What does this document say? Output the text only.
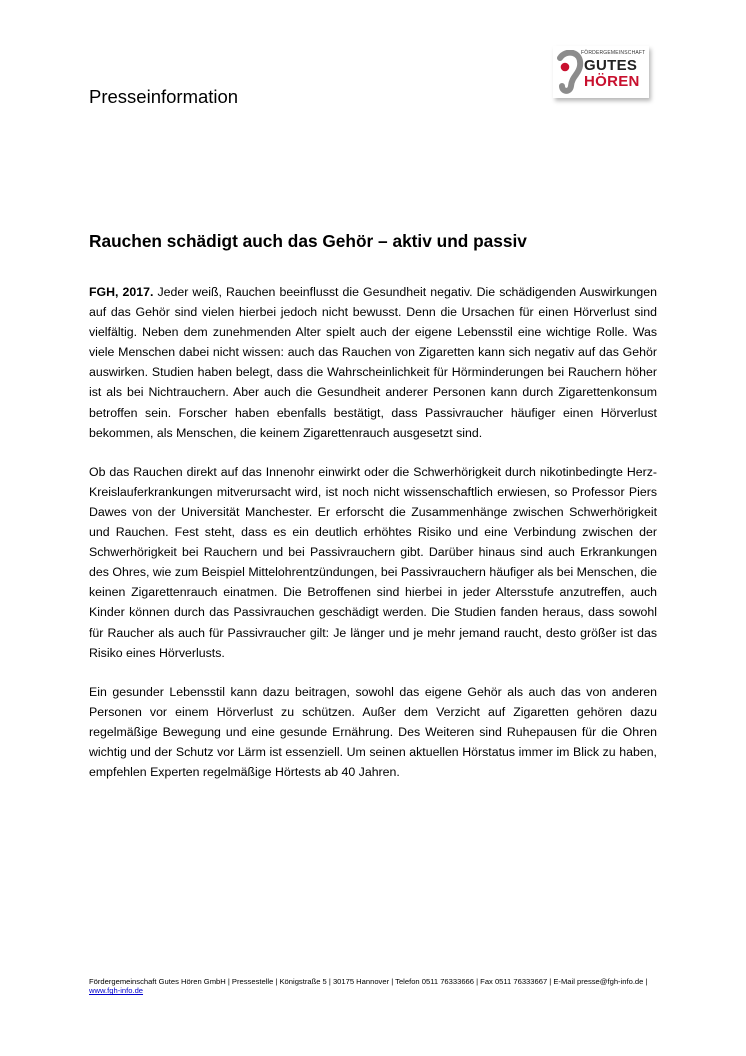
Presseinformation
FÖRDERGEMEINSCHAFT
GUTES
HÖREN
Rauchen schädigt auch das Gehör – aktiv und passiv

FGH, 2017. Jeder weiß, Rauchen beeinflusst die Gesundheit negativ. Die schädigenden Auswirkungen auf das Gehör sind vielen hierbei jedoch nicht bewusst. Denn die Ursachen für einen Hörverlust sind vielfältig. Neben dem zunehmenden Alter spielt auch der eigene Lebensstil eine wichtige Rolle. Was viele Menschen dabei nicht wissen: auch das Rauchen von Zigaretten kann sich negativ auf das Gehör auswirken. Studien haben belegt, dass die Wahrscheinlichkeit für Hörminderungen bei Rauchern höher ist als bei Nichtrauchern. Aber auch die Gesundheit anderer Personen kann durch Zigarettenkonsum betroffen sein. Forscher haben ebenfalls bestätigt, dass Passivraucher häufiger einen Hörverlust bekommen, als Menschen, die keinem Zigarettenrauch ausgesetzt sind.

Ob das Rauchen direkt auf das Innenohr einwirkt oder die Schwerhörigkeit durch nikotinbedingte Herz- Kreislauferkrankungen mitverursacht wird, ist noch nicht wissenschaftlich erwiesen, so Professor Piers Dawes von der Universität Manchester. Er erforscht die Zusammenhänge zwischen Schwerhörigkeit und Rauchen. Fest steht, dass es ein deutlich erhöhtes Risiko und eine Verbindung zwischen der Schwerhörigkeit bei Rauchern und bei Passivrauchern gibt. Darüber hinaus sind auch Erkrankungen des Ohres, wie zum Beispiel Mittelohrentzündungen, bei Passivrauchern häufiger als bei Menschen, die keinen Zigarettenrauch einatmen. Die Betroffenen sind hierbei in jeder Altersstufe anzutreffen, auch Kinder können durch das Passivrauchen geschädigt werden. Die Studien fanden heraus, dass sowohl für Raucher als auch für Passivraucher gilt: Je länger und je mehr jemand raucht, desto größer ist das Risiko eines Hörverlusts.

Ein gesunder Lebensstil kann dazu beitragen, sowohl das eigene Gehör als auch das von anderen Personen vor einem Hörverlust zu schützen. Außer dem Verzicht auf Zigaretten gehören dazu regelmäßige Bewegung und eine gesunde Ernährung. Des Weiteren sind Ruhepausen für die Ohren wichtig und der Schutz vor Lärm ist essenziell. Um seinen aktuellen Hörstatus immer im Blick zu haben, empfehlen Experten regelmäßige Hörtests ab 40 Jahren.

Fördergemeinschaft Gutes Hören GmbH | Pressestelle | Königstraße 5 | 30175 Hannover | Telefon 0511 76333666 | Fax 0511 76333667 | E-Mail presse@fgh-info.de | www.fgh-info.de
